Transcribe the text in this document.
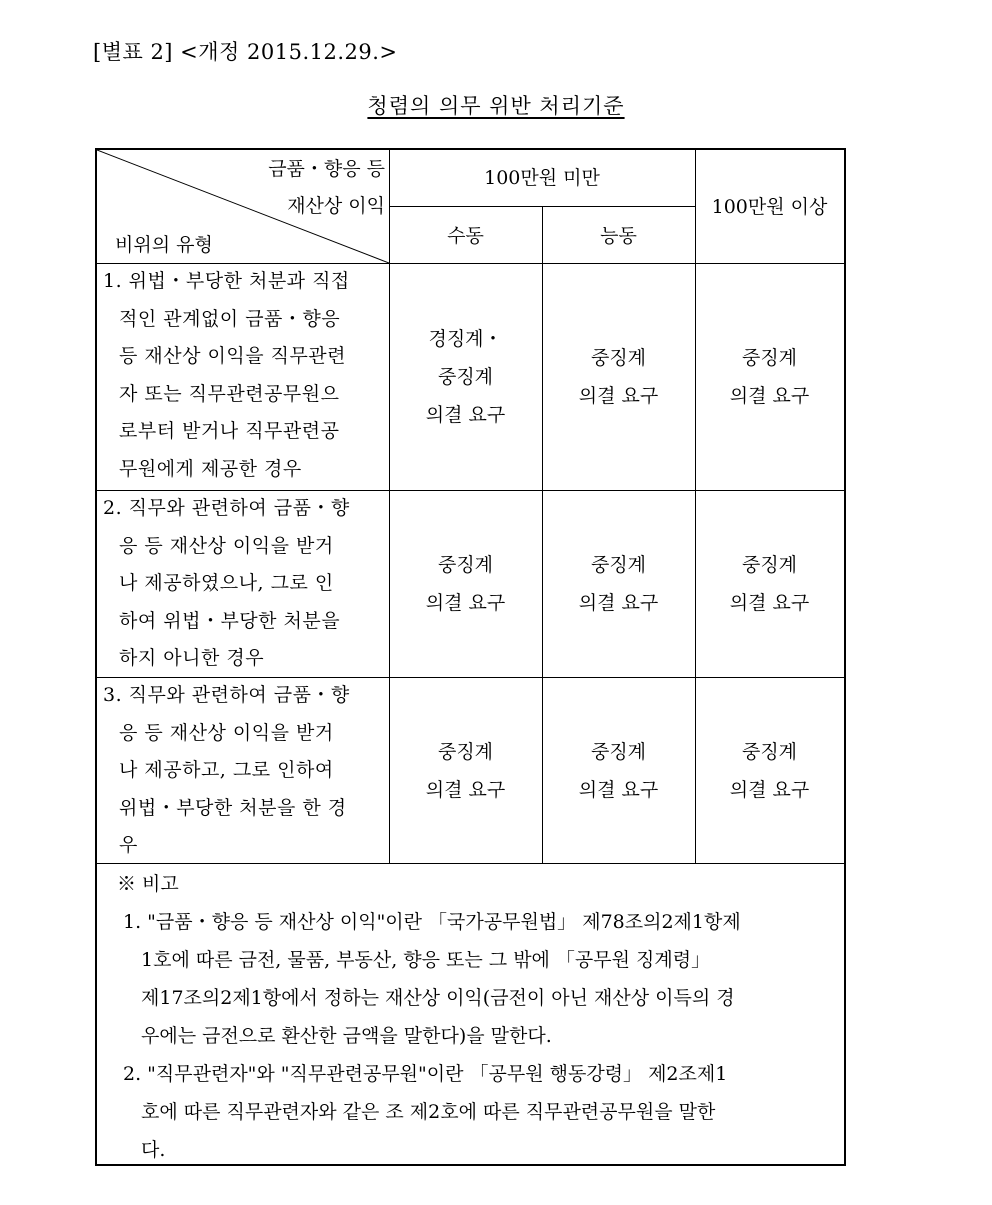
[별표 2] <개정 2015.12.29.>
청렴의 의무 위반 처리기준
금품・향응 등
재산상 이익
비위의 유형
100만원 미만
수동	능동
100만원 이상

1. 위법・부당한 처분과 직접

적인 관계없이 금품・향응

등 재산상 이익을 직무관련

자 또는 직무관련공무원으

로부터 받거나 직무관련공

무원에게 제공한 경우

경징계・
중징계
의결 요구
중징계
의결 요구
중징계
의결 요구

2. 직무와 관련하여 금품・향

응 등 재산상 이익을 받거

나 제공하였으나, 그로 인

하여 위법・부당한 처분을

하지 아니한 경우

중징계
의결 요구
중징계
의결 요구
중징계
의결 요구

3. 직무와 관련하여 금품・향

응 등 재산상 이익을 받거

나 제공하고, 그로 인하여

위법・부당한 처분을 한 경

우

중징계
의결 요구
중징계
의결 요구
중징계
의결 요구

※ 비고

1. "금품・향응 등 재산상 이익"이란 「국가공무원법」 제78조의2제1항제

1호에 따른 금전, 물품, 부동산, 향응 또는 그 밖에 「공무원 징계령」

제17조의2제1항에서 정하는 재산상 이익(금전이 아닌 재산상 이득의 경

우에는 금전으로 환산한 금액을 말한다)을 말한다.

2. "직무관련자"와 "직무관련공무원"이란 「공무원 행동강령」 제2조제1

호에 따른 직무관련자와 같은 조 제2호에 따른 직무관련공무원을 말한

다.
